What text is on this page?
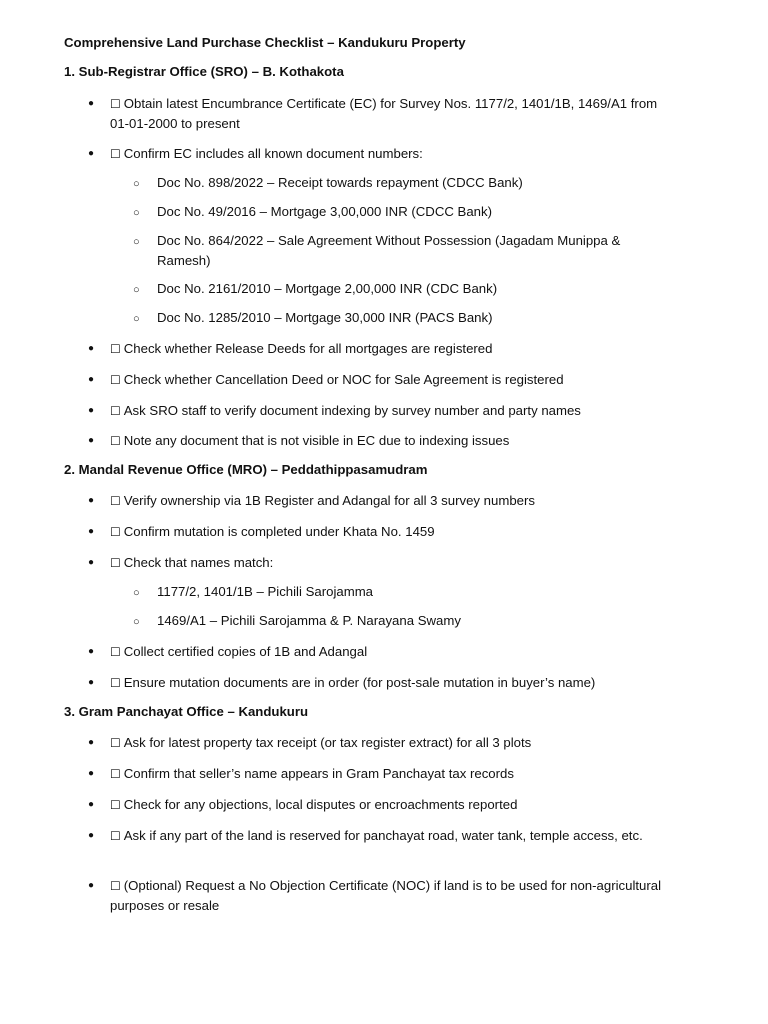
Comprehensive Land Purchase Checklist – Kandukuru Property
1. Sub-Registrar Office (SRO) – B. Kothakota
● ☐ Obtain latest Encumbrance Certificate (EC) for Survey Nos. 1177/2, 1401/1B, 1469/A1 from 01-01-2000 to present
● ☐ Confirm EC includes all known document numbers:
○ Doc No. 898/2022 – Receipt towards repayment (CDCC Bank)
○ Doc No. 49/2016 – Mortgage 3,00,000 INR (CDCC Bank)
○ Doc No. 864/2022 – Sale Agreement Without Possession (Jagadam Munippa & Ramesh)
○ Doc No. 2161/2010 – Mortgage 2,00,000 INR (CDC Bank)
○ Doc No. 1285/2010 – Mortgage 30,000 INR (PACS Bank)
● ☐ Check whether Release Deeds for all mortgages are registered
● ☐ Check whether Cancellation Deed or NOC for Sale Agreement is registered
● ☐ Ask SRO staff to verify document indexing by survey number and party names
● ☐ Note any document that is not visible in EC due to indexing issues
2. Mandal Revenue Office (MRO) – Peddathippasamudram
● ☐ Verify ownership via 1B Register and Adangal for all 3 survey numbers
● ☐ Confirm mutation is completed under Khata No. 1459
● ☐ Check that names match:
○ 1177/2, 1401/1B – Pichili Sarojamma
○ 1469/A1 – Pichili Sarojamma & P. Narayana Swamy
● ☐ Collect certified copies of 1B and Adangal
● ☐ Ensure mutation documents are in order (for post-sale mutation in buyer’s name)
3. Gram Panchayat Office – Kandukuru
● ☐ Ask for latest property tax receipt (or tax register extract) for all 3 plots
● ☐ Confirm that seller’s name appears in Gram Panchayat tax records
● ☐ Check for any objections, local disputes or encroachments reported
● ☐ Ask if any part of the land is reserved for panchayat road, water tank, temple access, etc.
● ☐ (Optional) Request a No Objection Certificate (NOC) if land is to be used for non-agricultural purposes or resale
